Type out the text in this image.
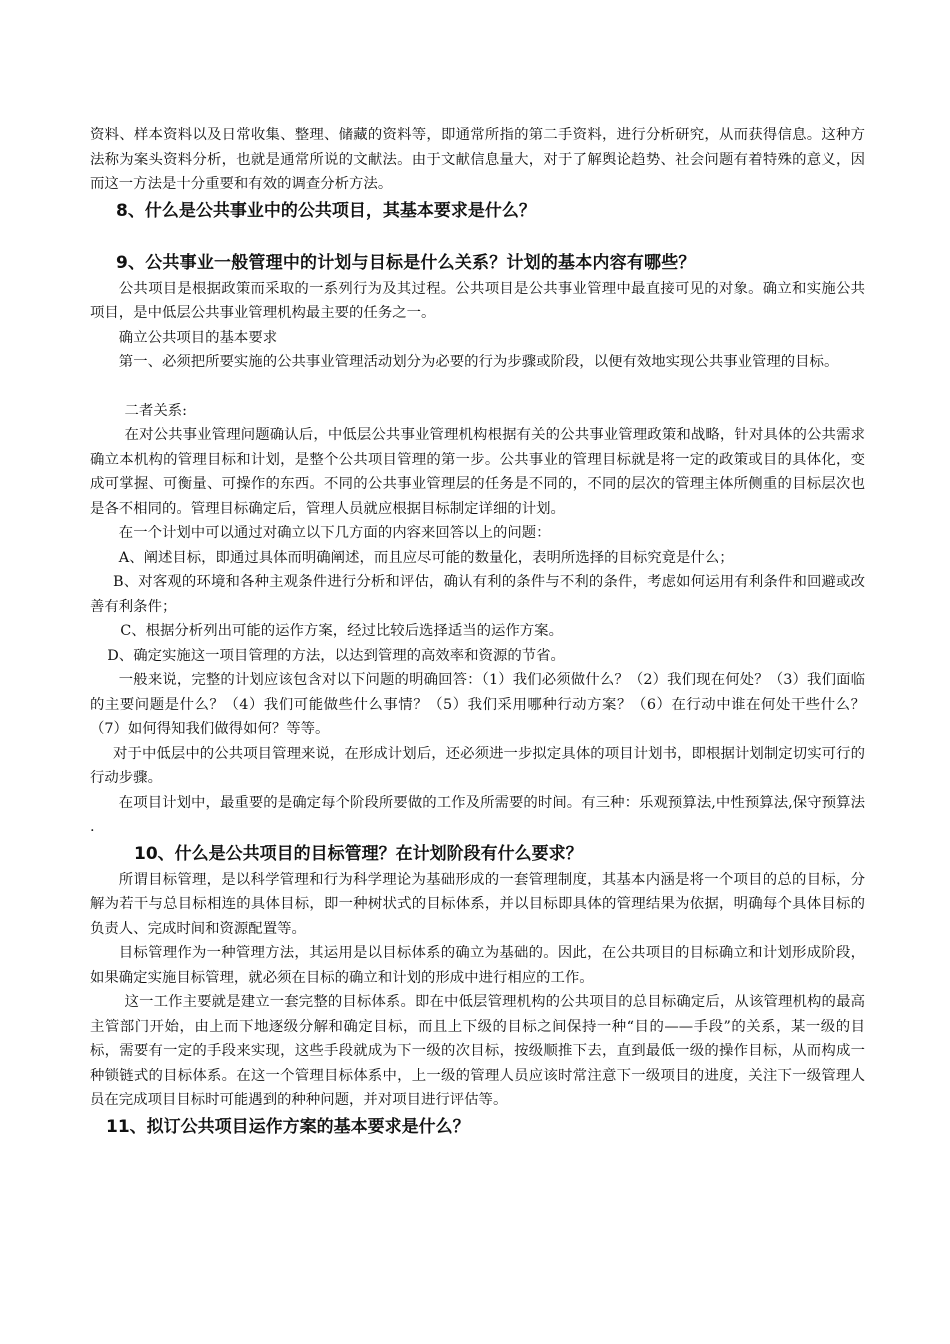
资料、样本资料以及日常收集、整理、储藏的资料等，即通常所指的第二手资料，进行分析研究，从而获得信息。这种方法称为案头资料分析，也就是通常所说的文献法。由于文献信息量大，对于了解舆论趋势、社会问题有着特殊的意义，因而这一方法是十分重要和有效的调查分析方法。

8、什么是公共事业中的公共项目，其基本要求是什么？

9、公共事业一般管理中的计划与目标是什么关系？计划的基本内容有哪些？

公共项目是根据政策而采取的一系列行为及其过程。公共项目是公共事业管理中最直接可见的对象。确立和实施公共项目，是中低层公共事业管理机构最主要的任务之一。

确立公共项目的基本要求

第一、必须把所要实施的公共事业管理活动划分为必要的行为步骤或阶段，以便有效地实现公共事业管理的目标。

二者关系:

在对公共事业管理问题确认后，中低层公共事业管理机构根据有关的公共事业管理政策和战略，针对具体的公共需求确立本机构的管理目标和计划，是整个公共项目管理的第一步。公共事业的管理目标就是将一定的政策或目的具体化，变成可掌握、可衡量、可操作的东西。不同的公共事业管理层的任务是不同的，不同的层次的管理主体所侧重的目标层次也是各不相同的。管理目标确定后，管理人员就应根据目标制定详细的计划。

在一个计划中可以通过对确立以下几方面的内容来回答以上的问题：

A、阐述目标，即通过具体而明确阐述，而且应尽可能的数量化，表明所选择的目标究竟是什么；

B、对客观的环境和各种主观条件进行分析和评估，确认有利的条件与不利的条件，考虑如何运用有利条件和回避或改善有利条件；

C、根据分析列出可能的运作方案，经过比较后选择适当的运作方案。

D、确定实施这一项目管理的方法，以达到管理的高效率和资源的节省。

一般来说，完整的计划应该包含对以下问题的明确回答：（1）我们必须做什么？（2）我们现在何处？（3）我们面临的主要问题是什么？（4）我们可能做些什么事情？（5）我们采用哪种行动方案？（6）在行动中谁在何处干些什么？（7）如何得知我们做得如何？等等。

对于中低层中的公共项目管理来说，在形成计划后，还必须进一步拟定具体的项目计划书，即根据计划制定切实可行的行动步骤。

在项目计划中，最重要的是确定每个阶段所要做的工作及所需要的时间。有三种：乐观预算法,中性预算法,保守预算法 .

10、什么是公共项目的目标管理？在计划阶段有什么要求？

所谓目标管理，是以科学管理和行为科学理论为基础形成的一套管理制度，其基本内涵是将一个项目的总的目标，分解为若干与总目标相连的具体目标，即一种树状式的目标体系，并以目标即具体的管理结果为依据，明确每个具体目标的负责人、完成时间和资源配置等。

目标管理作为一种管理方法，其运用是以目标体系的确立为基础的。因此，在公共项目的目标确立和计划形成阶段，如果确定实施目标管理，就必须在目标的确立和计划的形成中进行相应的工作。

这一工作主要就是建立一套完整的目标体系。即在中低层管理机构的公共项目的总目标确定后，从该管理机构的最高主管部门开始，由上而下地逐级分解和确定目标，而且上下级的目标之间保持一种“目的——手段”的关系，某一级的目标，需要有一定的手段来实现，这些手段就成为下一级的次目标，按级顺推下去，直到最低一级的操作目标，从而构成一种锁链式的目标体系。在这一个管理目标体系中，上一级的管理人员应该时常注意下一级项目的进度，关注下一级管理人员在完成项目目标时可能遇到的种种问题，并对项目进行评估等。

11、拟订公共项目运作方案的基本要求是什么？
